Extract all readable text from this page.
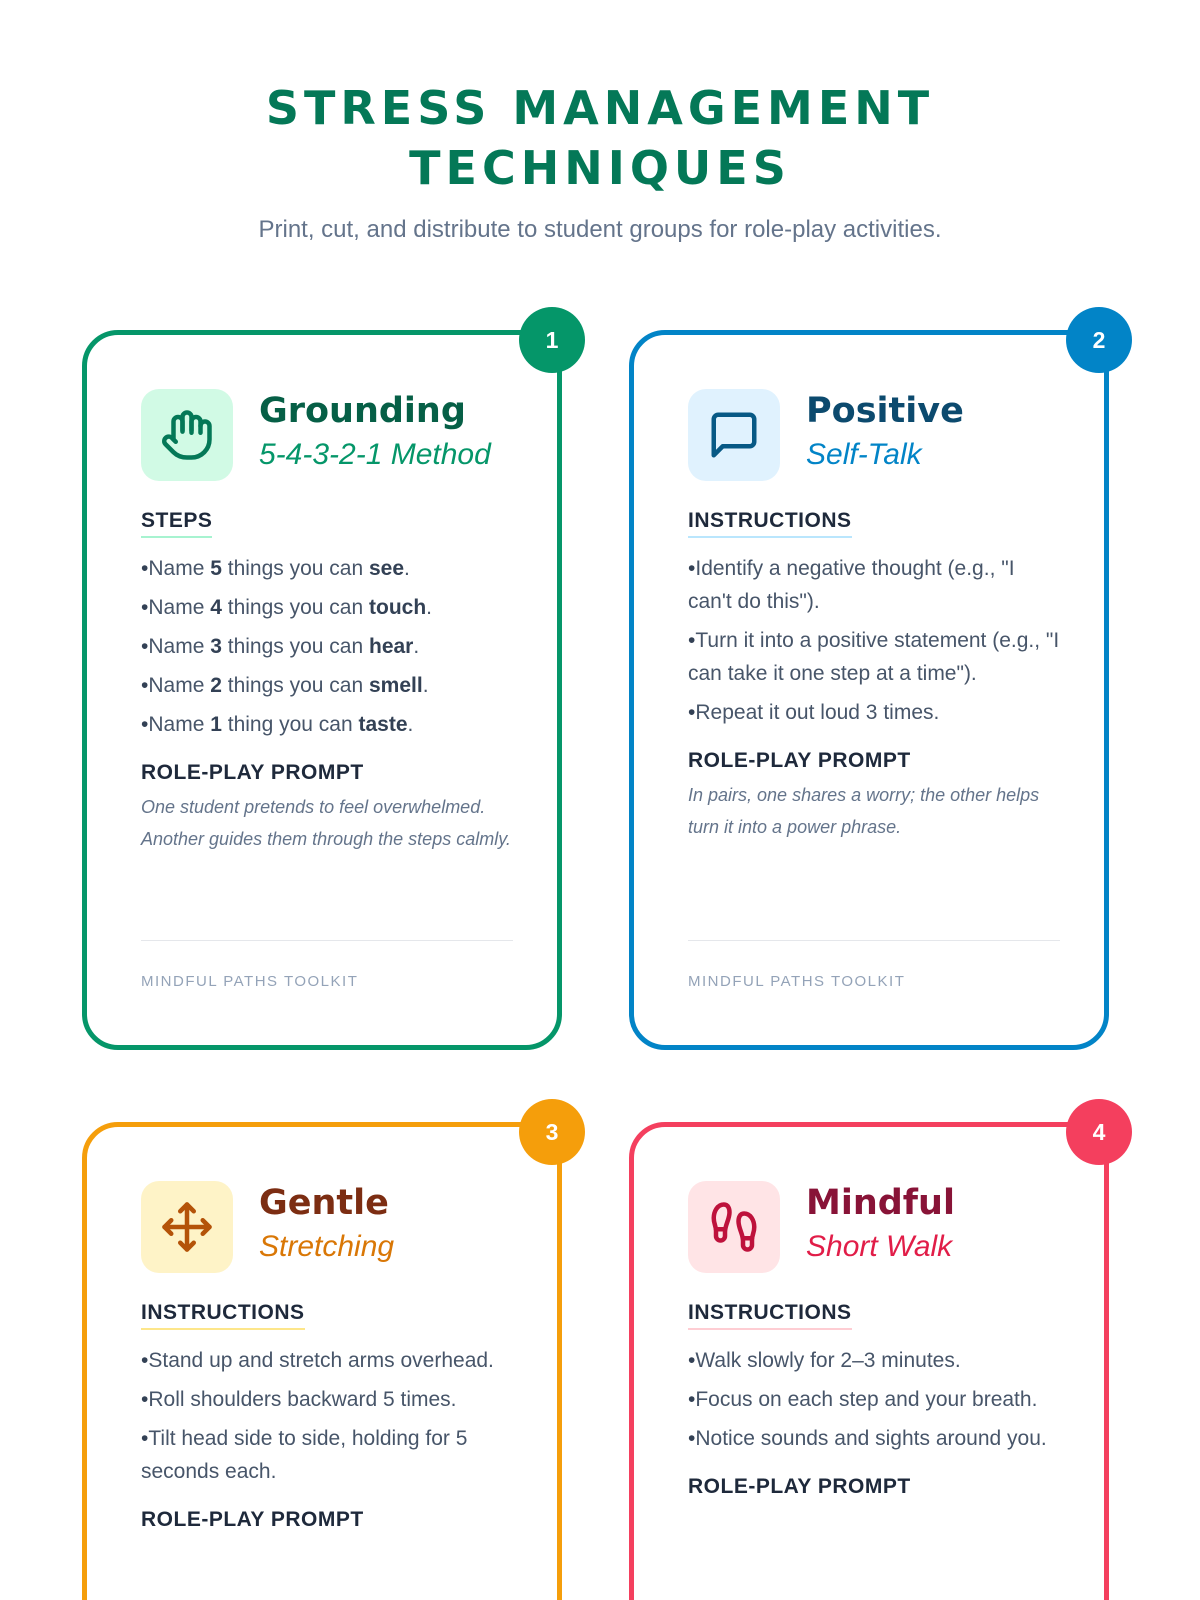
STRESS MANAGEMENT TECHNIQUES

Print, cut, and distribute to student groups for role-play activities.

1
Grounding

5-4-3-2-1 Method

STEPS
• Name 5 things you can see.
• Name 4 things you can touch.
• Name 3 things you can hear.
• Name 2 things you can smell.
• Name 1 thing you can taste.
ROLE-PLAY PROMPT

One student pretends to feel overwhelmed. Another guides them through the steps calmly.

MINDFUL PATHS TOOLKIT
2
Positive

Self-Talk

INSTRUCTIONS
• Identify a negative thought (e.g., "I can't do this").
• Turn it into a positive statement (e.g., "I can take it one step at a time").
• Repeat it out loud 3 times.
ROLE-PLAY PROMPT

In pairs, one shares a worry; the other helps turn it into a power phrase.

MINDFUL PATHS TOOLKIT
3
Gentle

Stretching

INSTRUCTIONS
• Stand up and stretch arms overhead.
• Roll shoulders backward 5 times.
• Tilt head side to side, holding for 5 seconds each.
ROLE-PLAY PROMPT
4
Mindful

Short Walk

INSTRUCTIONS
• Walk slowly for 2–3 minutes.
• Focus on each step and your breath.
• Notice sounds and sights around you.
ROLE-PLAY PROMPT
